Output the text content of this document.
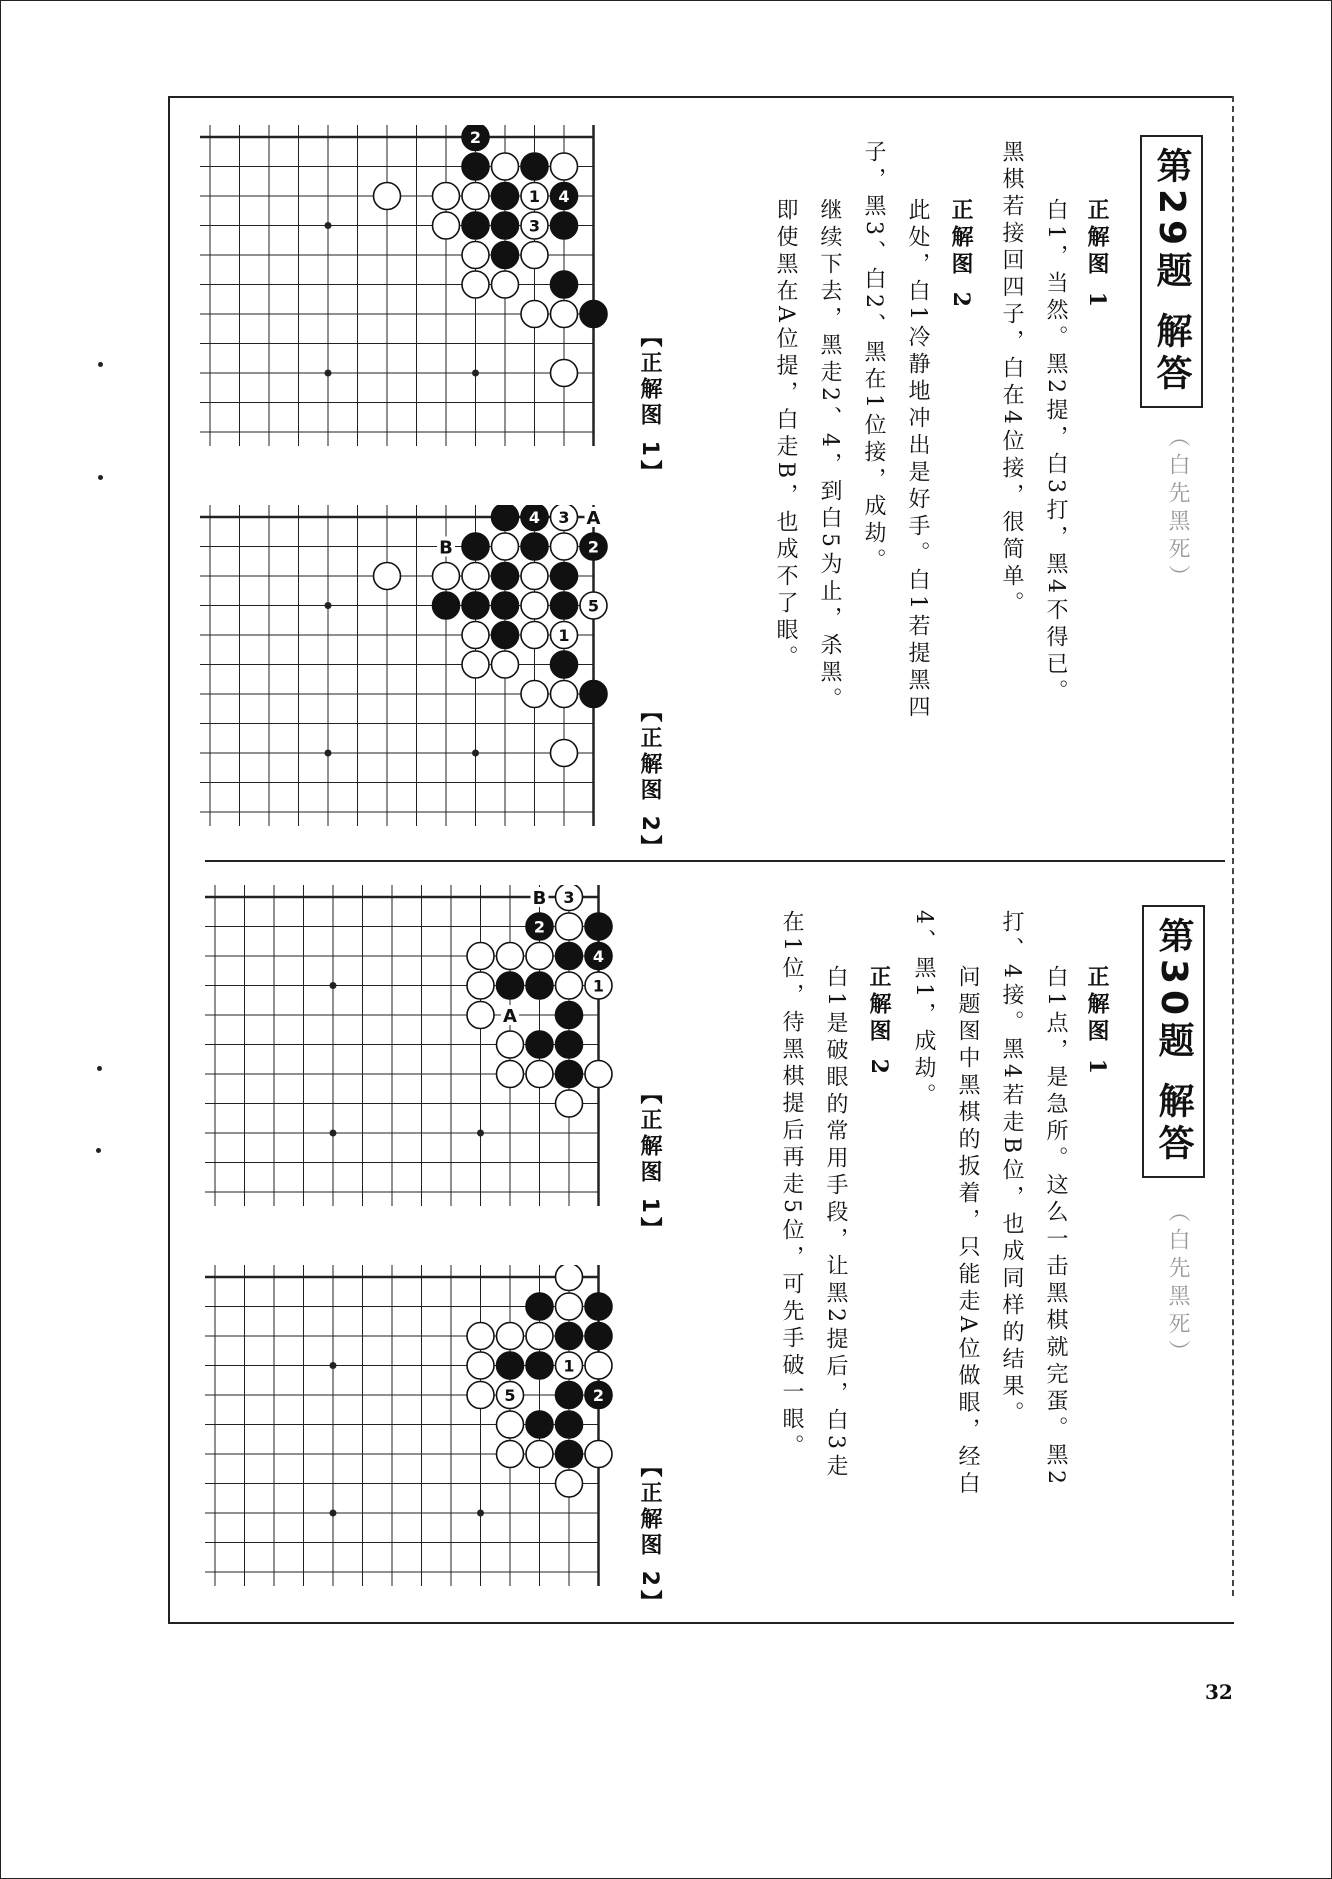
第29题 解答
（白先黑死）
正解图 1
白1，当然。黑2提，白3打，黑4不得已。
黑棋若接回四子，白在4位接，很简单。
正解图 2
此处，白1冷静地冲出是好手。白1若提黑四
子，黑3、白2、黑在1位接，成劫。
继续下去，黑走2、4，到白5为止，杀黑。
即使黑在A位提，白走B，也成不了眼。
【正解图 1】
【正解图 2】
2
1 4
3
4 3
2
5
1
B
A
第30题 解答
（白先黑死）
正解图 1
白1点，是急所。这么一击黑棋就完蛋。黑2
打、4接。黑4若走B位，也成同样的结果。
问题图中黑棋的扳着，只能走A位做眼，经白
4、黑1，成劫。
正解图 2
白1是破眼的常用手段，让黑2提后，白3走
在1位，待黑棋提后再走5位，可先手破一眼。
【正解图 1】
【正解图 2】
3
2
4
1
B
A
1
5	2
32
